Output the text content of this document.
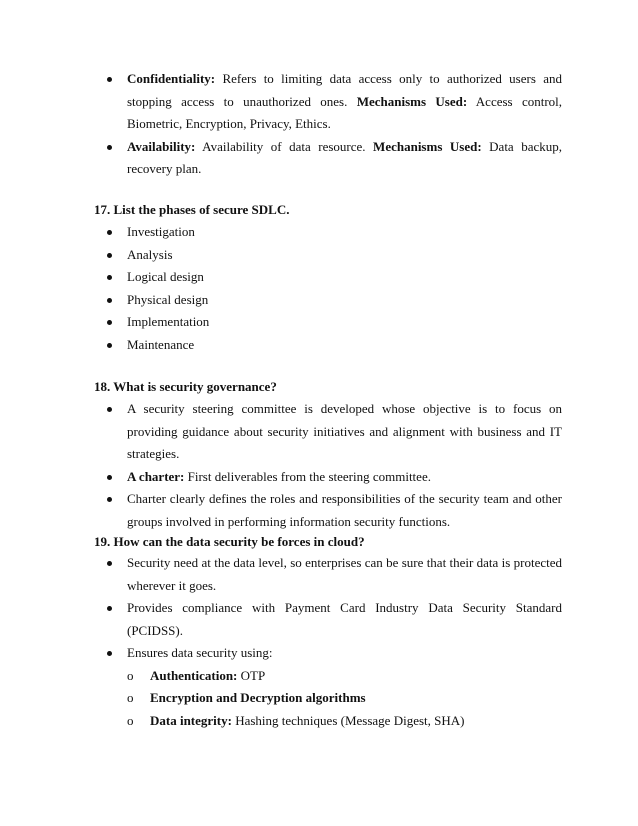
Confidentiality: Refers to limiting data access only to authorized users and stopping access to unauthorized ones. Mechanisms Used: Access control, Biometric, Encryption, Privacy, Ethics.
Availability: Availability of data resource. Mechanisms Used: Data backup, recovery plan.
17. List the phases of secure SDLC.
Investigation
Analysis
Logical design
Physical design
Implementation
Maintenance
18. What is security governance?
A security steering committee is developed whose objective is to focus on providing guidance about security initiatives and alignment with business and IT strategies.
A charter: First deliverables from the steering committee.
Charter clearly defines the roles and responsibilities of the security team and other groups involved in performing information security functions.
19. How can the data security be forces in cloud?
Security need at the data level, so enterprises can be sure that their data is protected wherever it goes.
Provides compliance with Payment Card Industry Data Security Standard (PCIDSS).
Ensures data security using:
o Authentication: OTP
o Encryption and Decryption algorithms
o Data integrity: Hashing techniques (Message Digest, SHA)
